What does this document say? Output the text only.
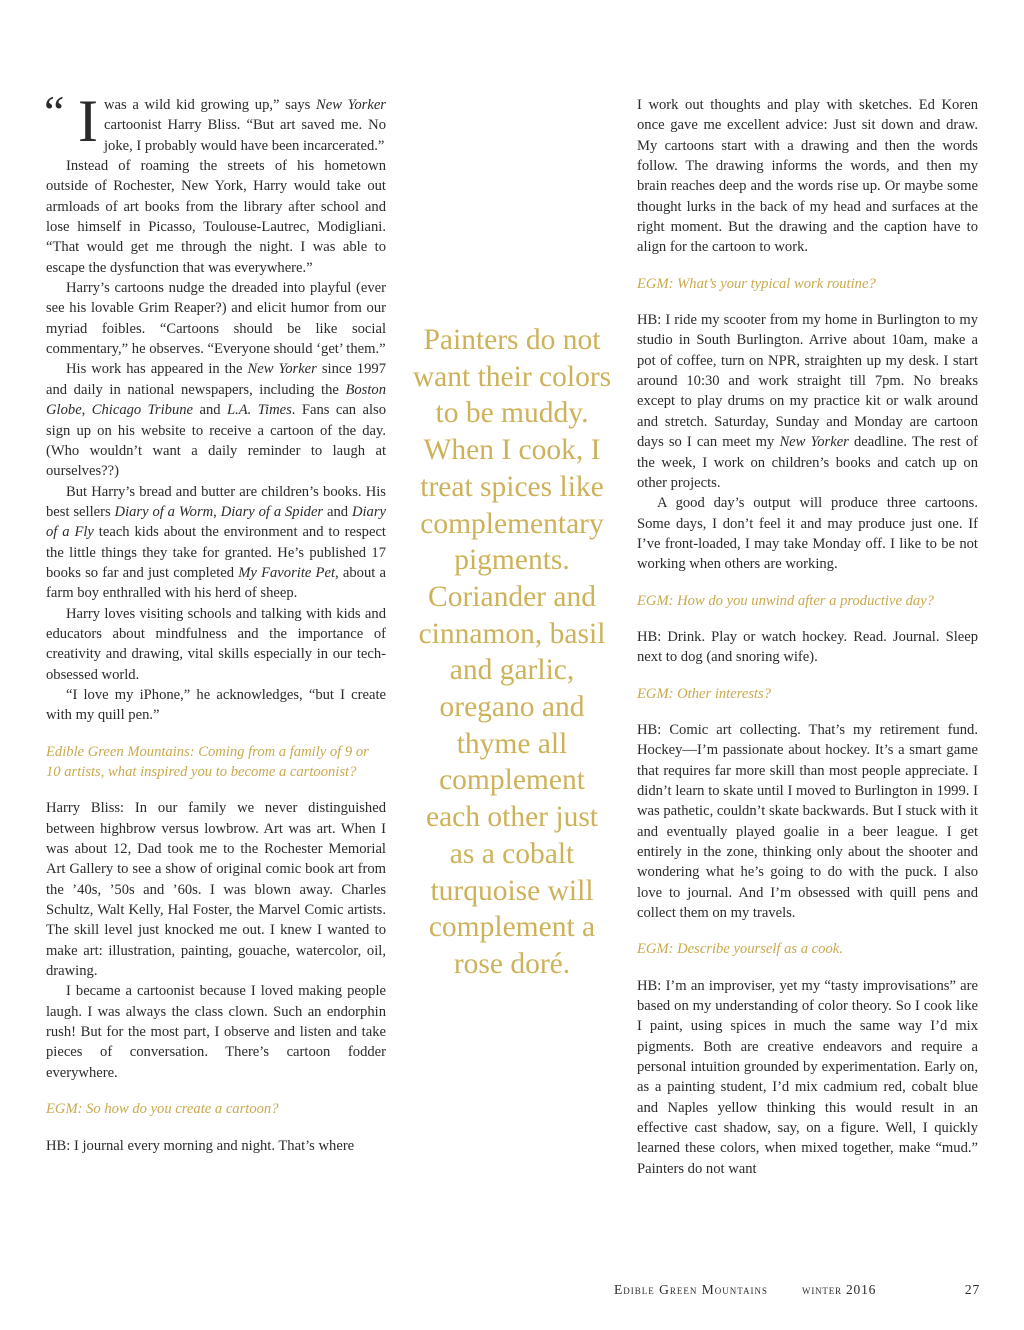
“ I was a wild kid growing up,” says New Yorker cartoonist Harry Bliss. “But art saved me. No joke, I probably would have been incarcerated.”

Instead of roaming the streets of his hometown outside of Rochester, New York, Harry would take out armloads of art books from the library after school and lose himself in Picasso, Toulouse-Lautrec, Modigliani. “That would get me through the night. I was able to escape the dysfunction that was everywhere.”

Harry’s cartoons nudge the dreaded into playful (ever see his lovable Grim Reaper?) and elicit humor from our myriad foibles. “Cartoons should be like social commentary,” he observes. “Everyone should ‘get’ them.”

His work has appeared in the New Yorker since 1997 and daily in national newspapers, including the Boston Globe, Chicago Tribune and L.A. Times. Fans can also sign up on his website to receive a cartoon of the day. (Who wouldn’t want a daily reminder to laugh at ourselves??)

But Harry’s bread and butter are children’s books. His best sellers Diary of a Worm, Diary of a Spider and Diary of a Fly teach kids about the environment and to respect the little things they take for granted. He’s published 17 books so far and just completed My Favorite Pet, about a farm boy enthralled with his herd of sheep.

Harry loves visiting schools and talking with kids and educators about mindfulness and the importance of creativity and drawing, vital skills especially in our tech-obsessed world.

“I love my iPhone,” he acknowledges, “but I create with my quill pen.”

Edible Green Mountains: Coming from a family of 9 or 10 artists, what inspired you to become a cartoonist?

Harry Bliss: In our family we never distinguished between highbrow versus lowbrow. Art was art. When I was about 12, Dad took me to the Rochester Memorial Art Gallery to see a show of original comic book art from the ’40s, ’50s and ’60s. I was blown away. Charles Schultz, Walt Kelly, Hal Foster, the Marvel Comic artists. The skill level just knocked me out. I knew I wanted to make art: illustration, painting, gouache, watercolor, oil, drawing.

I became a cartoonist because I loved making people laugh. I was always the class clown. Such an endorphin rush! But for the most part, I observe and listen and take pieces of conversation. There’s cartoon fodder everywhere.

EGM: So how do you create a cartoon?

HB: I journal every morning and night. That’s where

Painters do not want their colors to be muddy. When I cook, I treat spices like complementary pigments. Coriander and cinnamon, basil and garlic, oregano and thyme all complement each other just as a cobalt turquoise will complement a rose doré.

I work out thoughts and play with sketches. Ed Koren once gave me excellent advice: Just sit down and draw. My cartoons start with a drawing and then the words follow. The drawing informs the words, and then my brain reaches deep and the words rise up. Or maybe some thought lurks in the back of my head and surfaces at the right moment. But the drawing and the caption have to align for the cartoon to work.

EGM: What’s your typical work routine?

HB: I ride my scooter from my home in Burlington to my studio in South Burlington. Arrive about 10am, make a pot of coffee, turn on NPR, straighten up my desk. I start around 10:30 and work straight till 7pm. No breaks except to play drums on my practice kit or walk around and stretch. Saturday, Sunday and Monday are cartoon days so I can meet my New Yorker deadline. The rest of the week, I work on children’s books and catch up on other projects.

A good day’s output will produce three cartoons. Some days, I don’t feel it and may produce just one. If I’ve front-loaded, I may take Monday off. I like to be not working when others are working.

EGM: How do you unwind after a productive day?

HB: Drink. Play or watch hockey. Read. Journal. Sleep next to dog (and snoring wife).

EGM: Other interests?

HB: Comic art collecting. That’s my retirement fund. Hockey—I’m passionate about hockey. It’s a smart game that requires far more skill than most people appreciate. I didn’t learn to skate until I moved to Burlington in 1999. I was pathetic, couldn’t skate backwards. But I stuck with it and eventually played goalie in a beer league. I get entirely in the zone, thinking only about the shooter and wondering what he’s going to do with the puck. I also love to journal. And I’m obsessed with quill pens and collect them on my travels.

EGM: Describe yourself as a cook.

HB: I’m an improviser, yet my “tasty improvisations” are based on my understanding of color theory. So I cook like I paint, using spices in much the same way I’d mix pigments. Both are creative endeavors and require a personal intuition grounded by experimentation. Early on, as a painting student, I’d mix cadmium red, cobalt blue and Naples yellow thinking this would result in an effective cast shadow, say, on a figure. Well, I quickly learned these colors, when mixed together, make “mud.” Painters do not want

Edible Green Mountains	winter 2016	27
